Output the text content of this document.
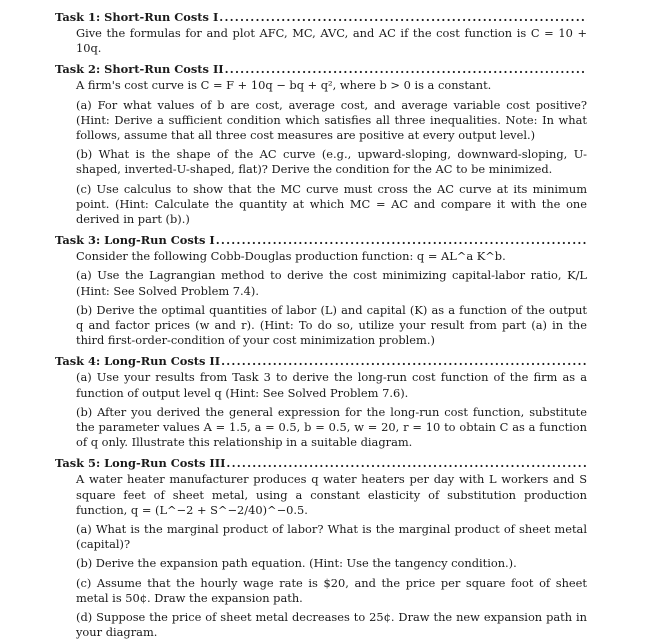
Task 1: Short-Run Costs I
.....

Give the formulas for and plot AFC, MC, AVC, and AC if the cost function is C = 10 + 10q.

Task 2: Short-Run Costs II
.....

A firm's cost curve is C = F + 10q − bq + q², where b > 0 is a constant.

(a) For what values of b are cost, average cost, and average variable cost positive? (Hint: Derive a sufficient condition which satisfies all three inequalities. Note: In what follows, assume that all three cost measures are positive at every output level.)

(b) What is the shape of the AC curve (e.g., upward-sloping, downward-sloping, U-shaped, inverted-U-shaped, flat)? Derive the condition for the AC to be minimized.

(c) Use calculus to show that the MC curve must cross the AC curve at its minimum point. (Hint: Calculate the quantity at which MC = AC and compare it with the one derived in part (b).)

Task 3: Long-Run Costs I
.....

Consider the following Cobb-Douglas production function: q = AL^a K^b.

(a) Use the Lagrangian method to derive the cost minimizing capital-labor ratio, K/L (Hint: See Solved Problem 7.4).

(b) Derive the optimal quantities of labor (L) and capital (K) as a function of the output q and factor prices (w and r). (Hint: To do so, utilize your result from part (a) in the third first-order-condition of your cost minimization problem.)

Task 4: Long-Run Costs II
.....

(a) Use your results from Task 3 to derive the long-run cost function of the firm as a function of output level q (Hint: See Solved Problem 7.6).

(b) After you derived the general expression for the long-run cost function, substitute the parameter values A = 1.5, a = 0.5, b = 0.5, w = 20, r = 10 to obtain C as a function of q only. Illustrate this relationship in a suitable diagram.

Task 5: Long-Run Costs III
.....

A water heater manufacturer produces q water heaters per day with L workers and S square feet of sheet metal, using a constant elasticity of substitution production function, q = (L^−2 + S^−2/40)^−0.5.

(a) What is the marginal product of labor? What is the marginal product of sheet metal (capital)?

(b) Derive the expansion path equation. (Hint: Use the tangency condition.).

(c) Assume that the hourly wage rate is $20, and the price per square foot of sheet metal is 50¢. Draw the expansion path.

(d) Suppose the price of sheet metal decreases to 25¢. Draw the new expansion path in your diagram.
